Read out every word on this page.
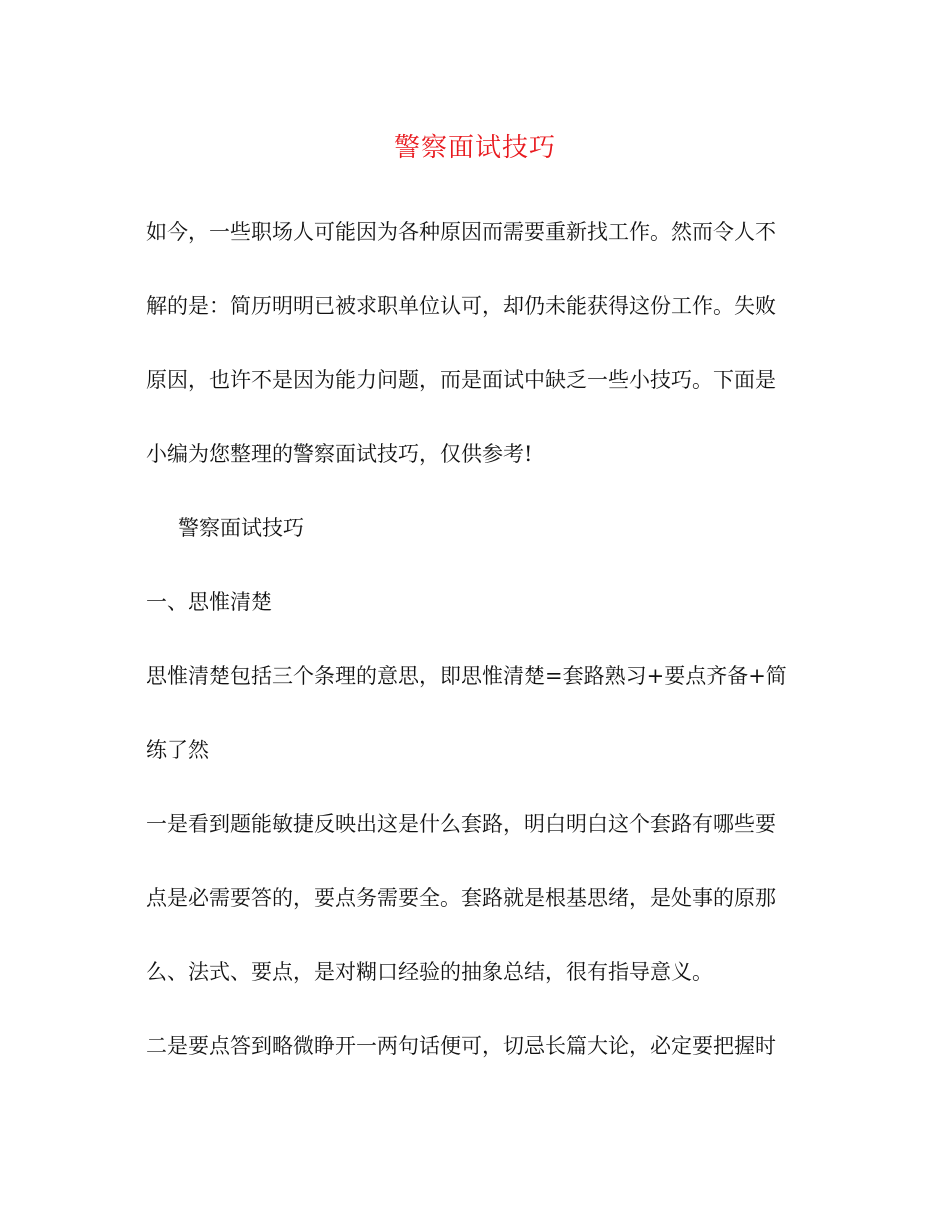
警察面试技巧
如今，一些职场人可能因为各种原因而需要重新找工作。然而令人不
解的是：简历明明已被求职单位认可，却仍未能获得这份工作。失败
原因，也许不是因为能力问题，而是面试中缺乏一些小技巧。下面是
小编为您整理的警察面试技巧，仅供参考!
警察面试技巧
一、思惟清楚
思惟清楚包括三个条理的意思，即思惟清楚=套路熟习+要点齐备+简
练了然
一是看到题能敏捷反映出这是什么套路，明白明白这个套路有哪些要
点是必需要答的，要点务需要全。套路就是根基思绪，是处事的原那
么、法式、要点，是对糊口经验的抽象总结，很有指导意义。
二是要点答到略微睁开一两句话便可，切忌长篇大论，必定要把握时
